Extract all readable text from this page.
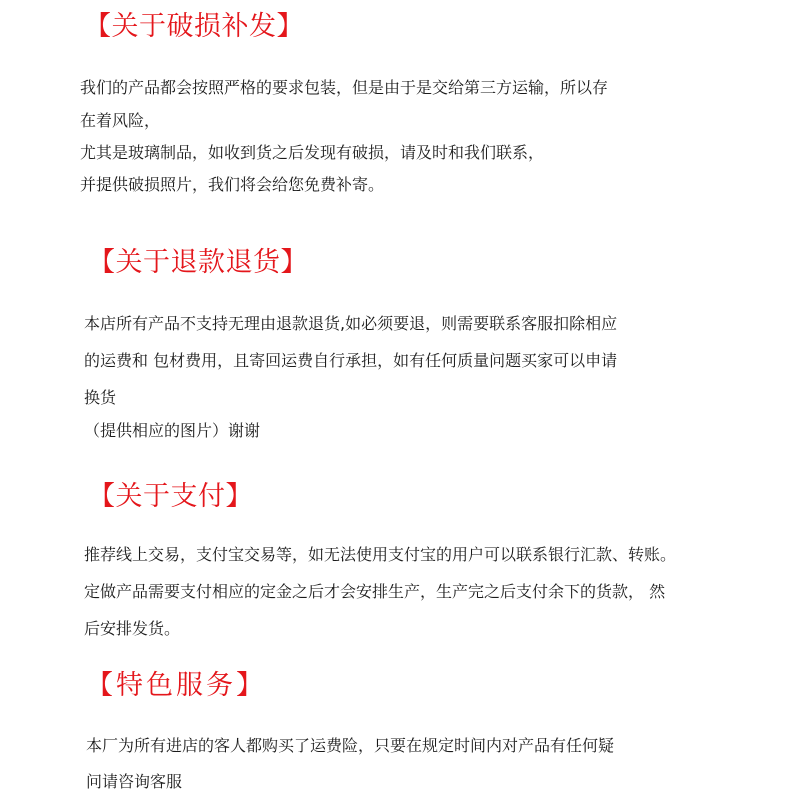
【关于破损补发】
我们的产品都会按照严格的要求包装，但是由于是交给第三方运输，所以存
在着风险，
尤其是玻璃制品，如收到货之后发现有破损，请及时和我们联系，
并提供破损照片，我们将会给您免费补寄。
【关于退款退货】
本店所有产品不支持无理由退款退货,如必须要退，则需要联系客服扣除相应
的运费和 包材费用，且寄回运费自行承担，如有任何质量问题买家可以申请
换货
（提供相应的图片）谢谢
【关于支付】
推荐线上交易，支付宝交易等，如无法使用支付宝的用户可以联系银行汇款、转账。
定做产品需要支付相应的定金之后才会安排生产，生产完之后支付余下的货款， 然
后安排发货。
【特色服务】
本厂为所有进店的客人都购买了运费险，只要在规定时间内对产品有任何疑
问请咨询客服
